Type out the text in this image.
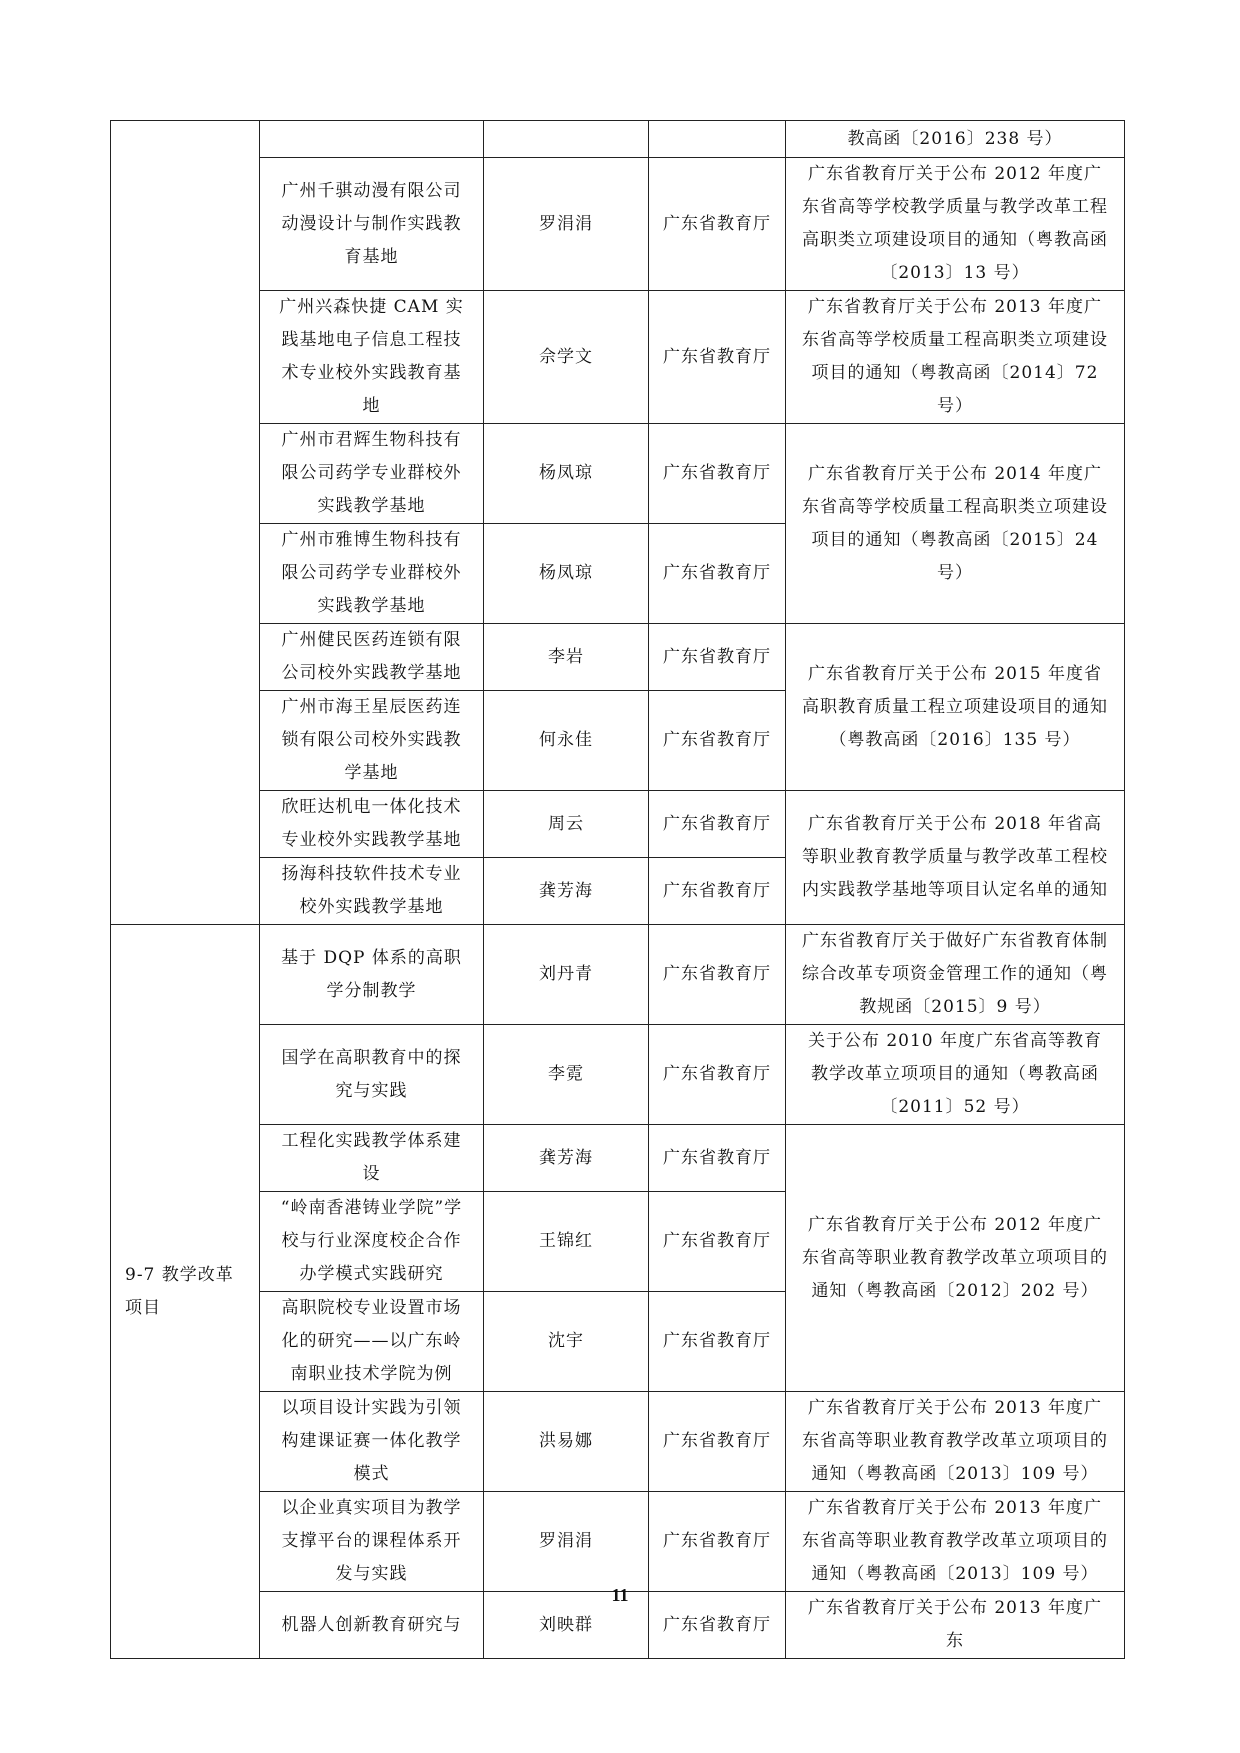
				教高函〔2016〕238 号）
	广州千骐动漫有限公司动漫设计与制作实践教育基地	罗涓涓	广东省教育厅	广东省教育厅关于公布 2012 年度广东省高等学校教学质量与教学改革工程高职类立项建设项目的通知（粤教高函〔2013〕13 号）
	广州兴森快捷 CAM 实践基地电子信息工程技术专业校外实践教育基地	佘学文	广东省教育厅	广东省教育厅关于公布 2013 年度广东省高等学校质量工程高职类立项建设项目的通知（粤教高函〔2014〕72 号）
	广州市君辉生物科技有限公司药学专业群校外实践教学基地	杨凤琼	广东省教育厅	广东省教育厅关于公布 2014 年度广东省高等学校质量工程高职类立项建设项目的通知（粤教高函〔2015〕24 号）
	广州市雅博生物科技有限公司药学专业群校外实践教学基地	杨凤琼	广东省教育厅	
	广州健民医药连锁有限公司校外实践教学基地	李岩	广东省教育厅	广东省教育厅关于公布 2015 年度省高职教育质量工程立项建设项目的通知（粤教高函〔2016〕135 号）
	广州市海王星辰医药连锁有限公司校外实践教学基地	何永佳	广东省教育厅	
	欣旺达机电一体化技术专业校外实践教学基地	周云	广东省教育厅	广东省教育厅关于公布 2018 年省高等职业教育教学质量与教学改革工程校内实践教学基地等项目认定名单的通知
	扬海科技软件技术专业校外实践教学基地	龚芳海	广东省教育厅	
9-7 教学改革项目	基于 DQP 体系的高职学分制教学	刘丹青	广东省教育厅	广东省教育厅关于做好广东省教育体制综合改革专项资金管理工作的通知（粤教规函〔2015〕9 号）
	国学在高职教育中的探究与实践	李霓	广东省教育厅	关于公布 2010 年度广东省高等教育教学改革立项项目的通知（粤教高函〔2011〕52 号）
	工程化实践教学体系建设	龚芳海	广东省教育厅	广东省教育厅关于公布 2012 年度广东省高等职业教育教学改革立项项目的通知（粤教高函〔2012〕202 号）
	“岭南香港铸业学院”学校与行业深度校企合作办学模式实践研究	王锦红	广东省教育厅	
	高职院校专业设置市场化的研究——以广东岭南职业技术学院为例	沈宇	广东省教育厅	
	以项目设计实践为引领构建课证赛一体化教学模式	洪易娜	广东省教育厅	广东省教育厅关于公布 2013 年度广东省高等职业教育教学改革立项项目的通知（粤教高函〔2013〕109 号）
	以企业真实项目为教学支撑平台的课程体系开发与实践	罗涓涓	广东省教育厅	广东省教育厅关于公布 2013 年度广东省高等职业教育教学改革立项项目的通知（粤教高函〔2013〕109 号）
	机器人创新教育研究与	刘映群	广东省教育厅	广东省教育厅关于公布 2013 年度广东
11
